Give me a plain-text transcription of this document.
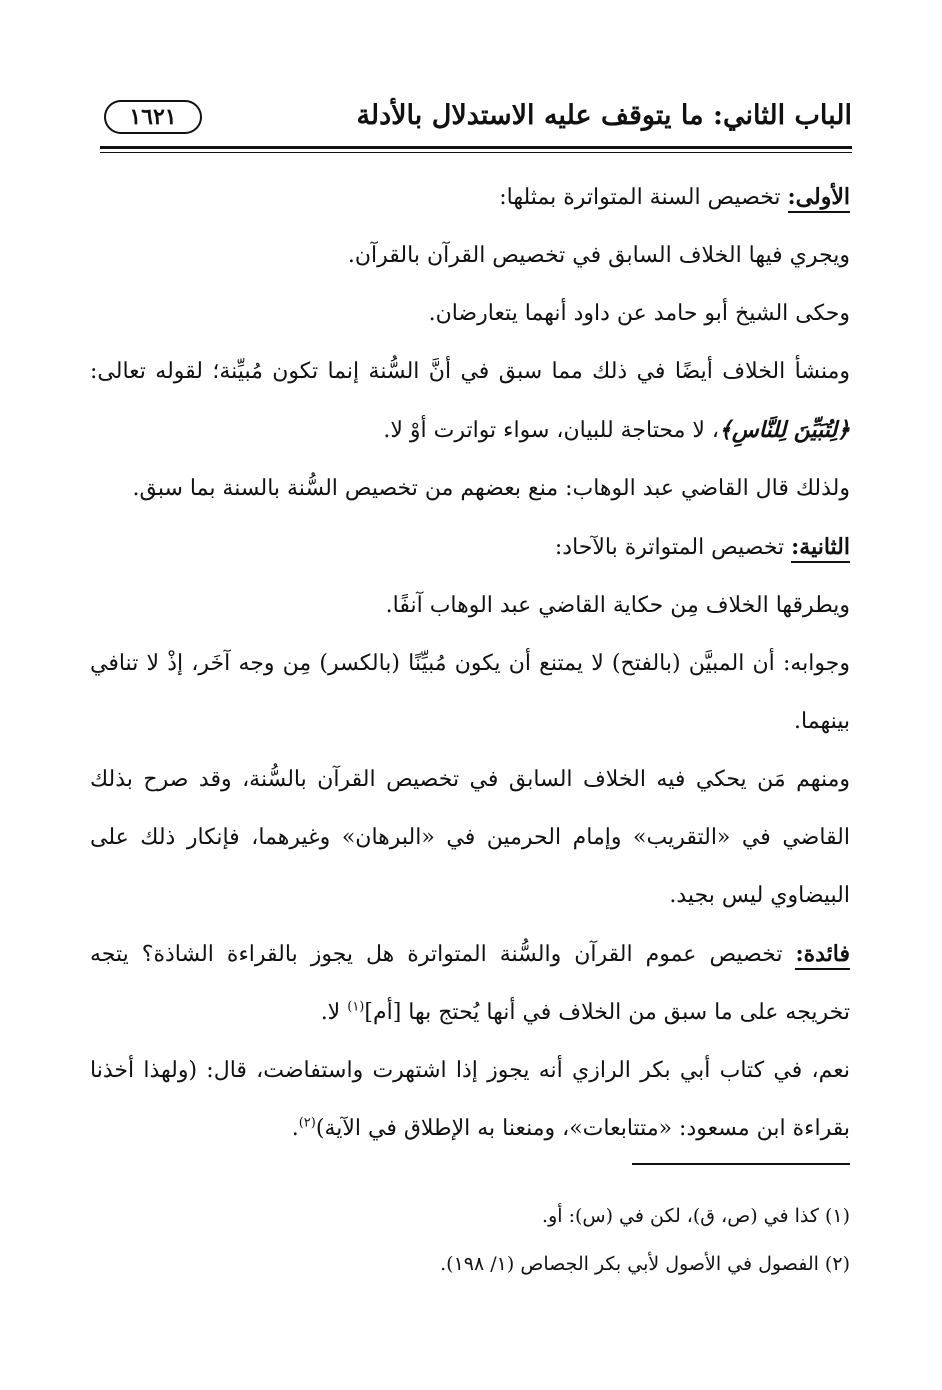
الباب الثاني: ما يتوقف عليه الاستدلال بالأدلة
١٦٢١

الأولى: تخصيص السنة المتواترة بمثلها:

ويجري فيها الخلاف السابق في تخصيص القرآن بالقرآن.

وحكى الشيخ أبو حامد عن داود أنهما يتعارضان.

ومنشأ الخلاف أيضًا في ذلك مما سبق في أنَّ السُّنة إنما تكون مُبيِّنة؛ لقوله تعالى: ﴿لِتُبَيِّنَ لِلنَّاسِ﴾، لا محتاجة للبيان، سواء تواترت أوْ لا.

ولذلك قال القاضي عبد الوهاب: منع بعضهم من تخصيص السُّنة بالسنة بما سبق.

الثانية: تخصيص المتواترة بالآحاد:

ويطرقها الخلاف مِن حكاية القاضي عبد الوهاب آنفًا.

وجوابه: أن المبيَّن (بالفتح) لا يمتنع أن يكون مُبيِّنًا (بالكسر) مِن وجه آخَر، إذْ لا تنافي بينهما.

ومنهم مَن يحكي فيه الخلاف السابق في تخصيص القرآن بالسُّنة، وقد صرح بذلك القاضي في «التقريب» وإمام الحرمين في «البرهان» وغيرهما، فإنكار ذلك على البيضاوي ليس بجيد.

فائدة: تخصيص عموم القرآن والسُّنة المتواترة هل يجوز بالقراءة الشاذة؟ يتجه تخريجه على ما سبق من الخلاف في أنها يُحتج بها [أم]$^{(١)}$ لا.

نعم، في كتاب أبي بكر الرازي أنه يجوز إذا اشتهرت واستفاضت، قال: (ولهذا أخذنا بقراءة ابن مسعود: «متتابعات»، ومنعنا به الإطلاق في الآية)$^{(٢)}$.

(١) كذا في (ص، ق)، لكن في (س): أو.

(٢) الفصول في الأصول لأبي بكر الجصاص (١/ ١٩٨).
